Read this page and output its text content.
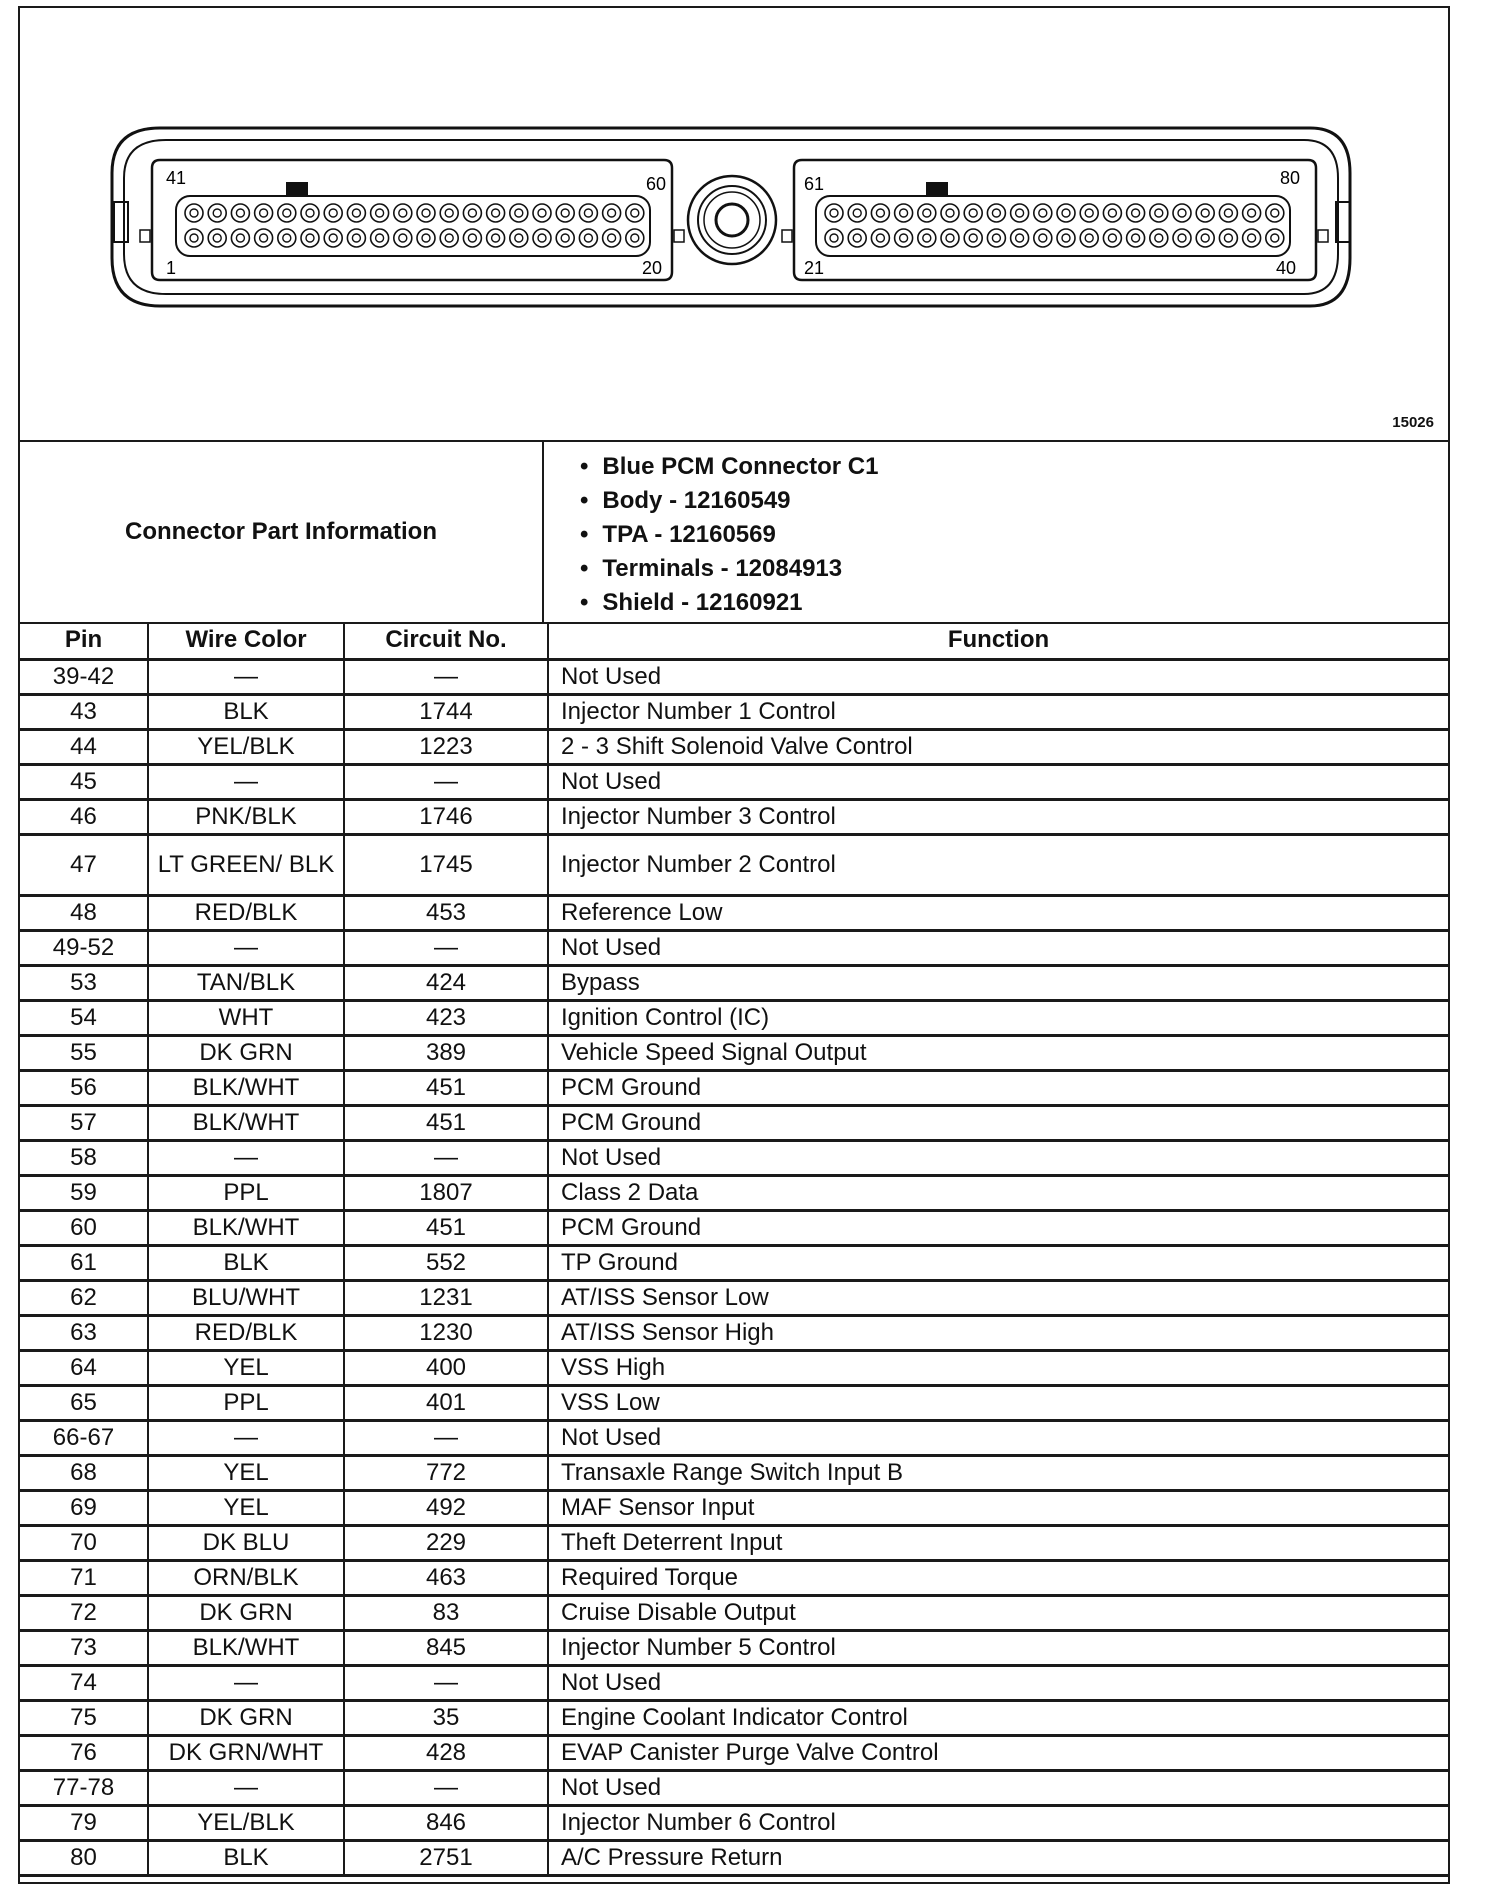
41	60
1	20
61	80
21	40
15026
Connector Part Information
• Blue PCM Connector C1
• Body - 12160549
• TPA - 12160569
• Terminals - 12084913
• Shield - 12160921
Pin	Wire Color	Circuit No.	Function
39-42	—	—	Not Used
43	BLK	1744	Injector Number 1 Control
44	YEL/BLK	1223	2 - 3 Shift Solenoid Valve Control
45	—	—	Not Used
46	PNK/BLK	1746	Injector Number 3 Control
47	LT GREEN/ BLK	1745	Injector Number 2 Control
48	RED/BLK	453	Reference Low
49-52	—	—	Not Used
53	TAN/BLK	424	Bypass
54	WHT	423	Ignition Control (IC)
55	DK GRN	389	Vehicle Speed Signal Output
56	BLK/WHT	451	PCM Ground
57	BLK/WHT	451	PCM Ground
58	—	—	Not Used
59	PPL	1807	Class 2 Data
60	BLK/WHT	451	PCM Ground
61	BLK	552	TP Ground
62	BLU/WHT	1231	AT/ISS Sensor Low
63	RED/BLK	1230	AT/ISS Sensor High
64	YEL	400	VSS High
65	PPL	401	VSS Low
66-67	—	—	Not Used
68	YEL	772	Transaxle Range Switch Input B
69	YEL	492	MAF Sensor Input
70	DK BLU	229	Theft Deterrent Input
71	ORN/BLK	463	Required Torque
72	DK GRN	83	Cruise Disable Output
73	BLK/WHT	845	Injector Number 5 Control
74	—	—	Not Used
75	DK GRN	35	Engine Coolant Indicator Control
76	DK GRN/WHT	428	EVAP Canister Purge Valve Control
77-78	—	—	Not Used
79	YEL/BLK	846	Injector Number 6 Control
80	BLK	2751	A/C Pressure Return
